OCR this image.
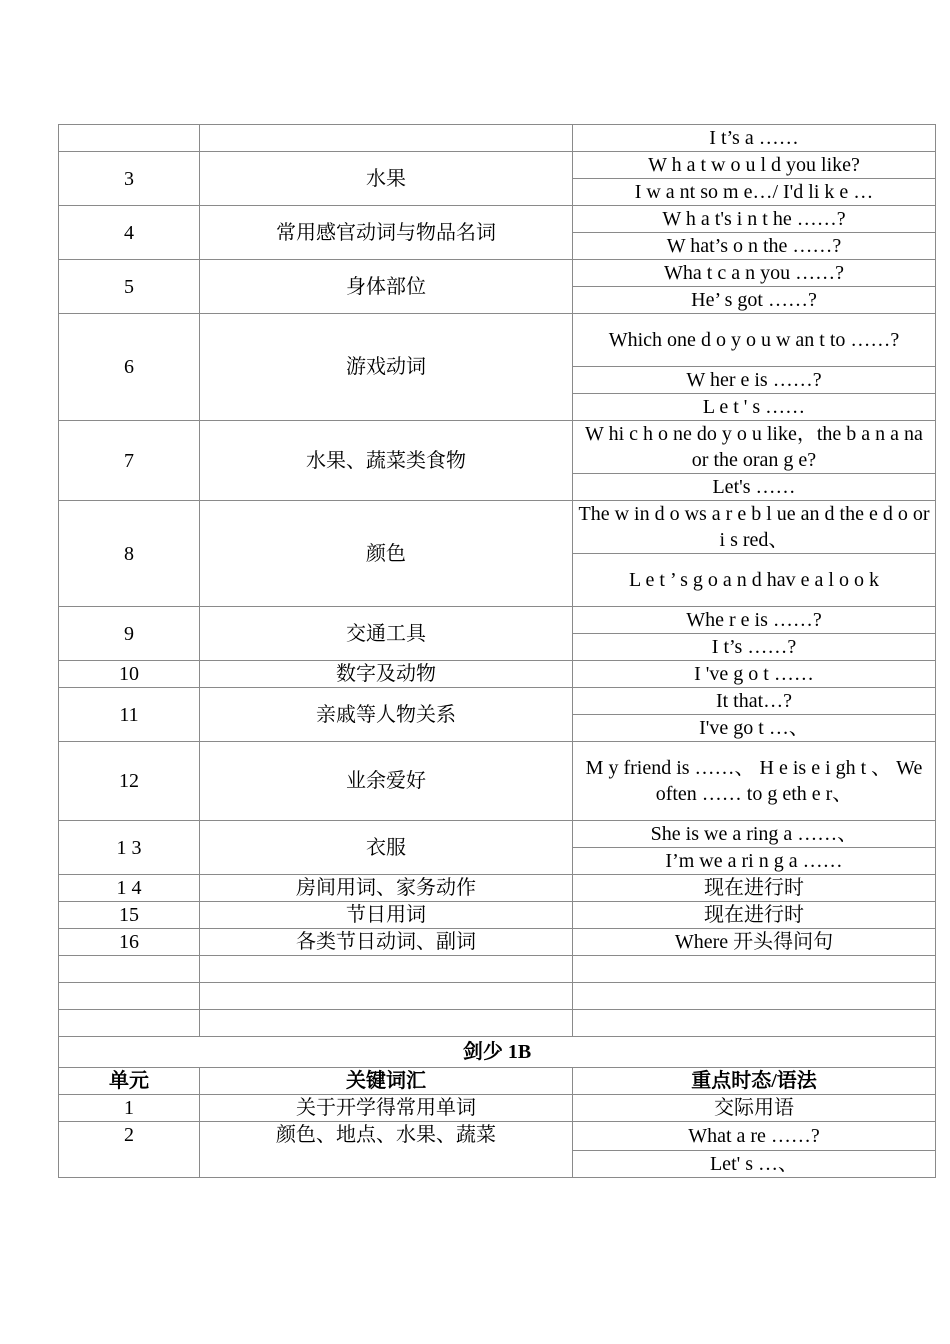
		I t’s a ……
3	水果	W h a t w o u l d you like?
		I w a nt so m e…/ I'd li k e …
4	常用感官动词与物品名词	W h a t's i n t he ……?
		W hat’s o n the ……?
5	身体部位	Wha t c a n you ……?
		He’ s got ……?
6	游戏动词	Which one d o y o u w an t to ……?
		W her e is ……?
		L e t ' s ……
7	水果、蔬菜类食物	W hi c h o ne do y o u like，the b a n a na or the oran g e?
		Let's ……
8	颜色	The w in d o ws a r e b l ue an d the e d o or i s red、
		L e t ’ s g o a n d hav e a l o o k
9	交通工具	Whe r e is ……?
		I t’s ……?
10	数字及动物	I 've g o t ……
11	亲戚等人物关系	It that…?
		I've go t …、
12	业余爱好	M y friend is ……、 H e is e i gh t 、 We often …… to g eth e r、
1 3	衣服	She is we a ring a ……、
		I’m we a ri n g a ……
1 4	房间用词、家务动作	现在进行时
15	节日用词	现在进行时
16	各类节日动词、副词	Where 开头得问句

剑少 1B		
单元	关键词汇	重点时态/语法
1	关于开学得常用单词	交际用语
2	颜色、地点、水果、蔬菜	What a re ……?
		Let' s …、
